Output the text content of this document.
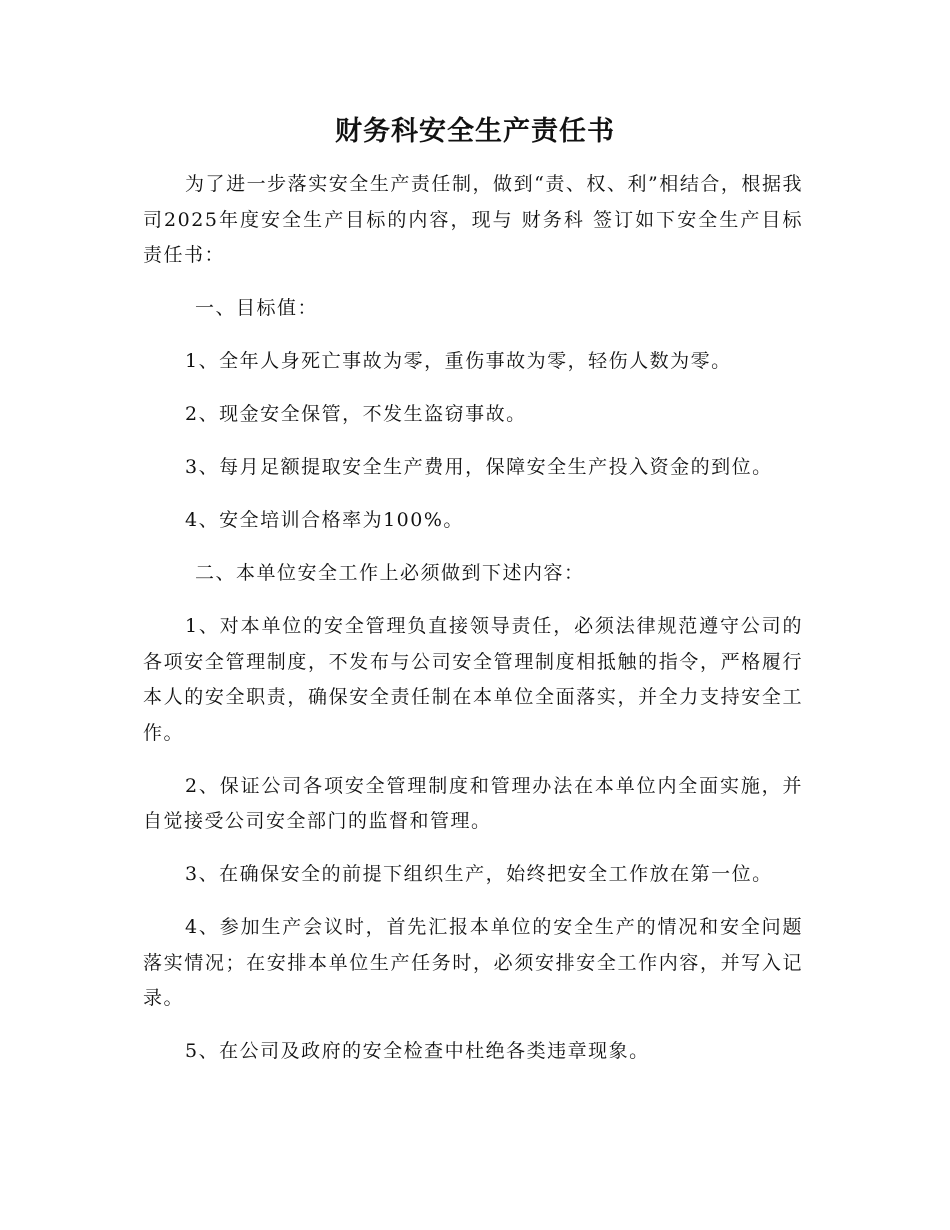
财务科安全生产责任书

为了进一步落实安全生产责任制，做到“责、权、利”相结合，根据我司2025年度安全生产目标的内容，现与 财务科 签订如下安全生产目标责任书：

一、目标值：

1、全年人身死亡事故为零，重伤事故为零，轻伤人数为零。

2、现金安全保管，不发生盗窃事故。

3、每月足额提取安全生产费用，保障安全生产投入资金的到位。

4、安全培训合格率为100%。

二、本单位安全工作上必须做到下述内容：

1、对本单位的安全管理负直接领导责任，必须法律规范遵守公司的各项安全管理制度，不发布与公司安全管理制度相抵触的指令，严格履行本人的安全职责，确保安全责任制在本单位全面落实，并全力支持安全工作。

2、保证公司各项安全管理制度和管理办法在本单位内全面实施，并自觉接受公司安全部门的监督和管理。

3、在确保安全的前提下组织生产，始终把安全工作放在第一位。

4、参加生产会议时，首先汇报本单位的安全生产的情况和安全问题落实情况；在安排本单位生产任务时，必须安排安全工作内容，并写入记录。

5、在公司及政府的安全检查中杜绝各类违章现象。
